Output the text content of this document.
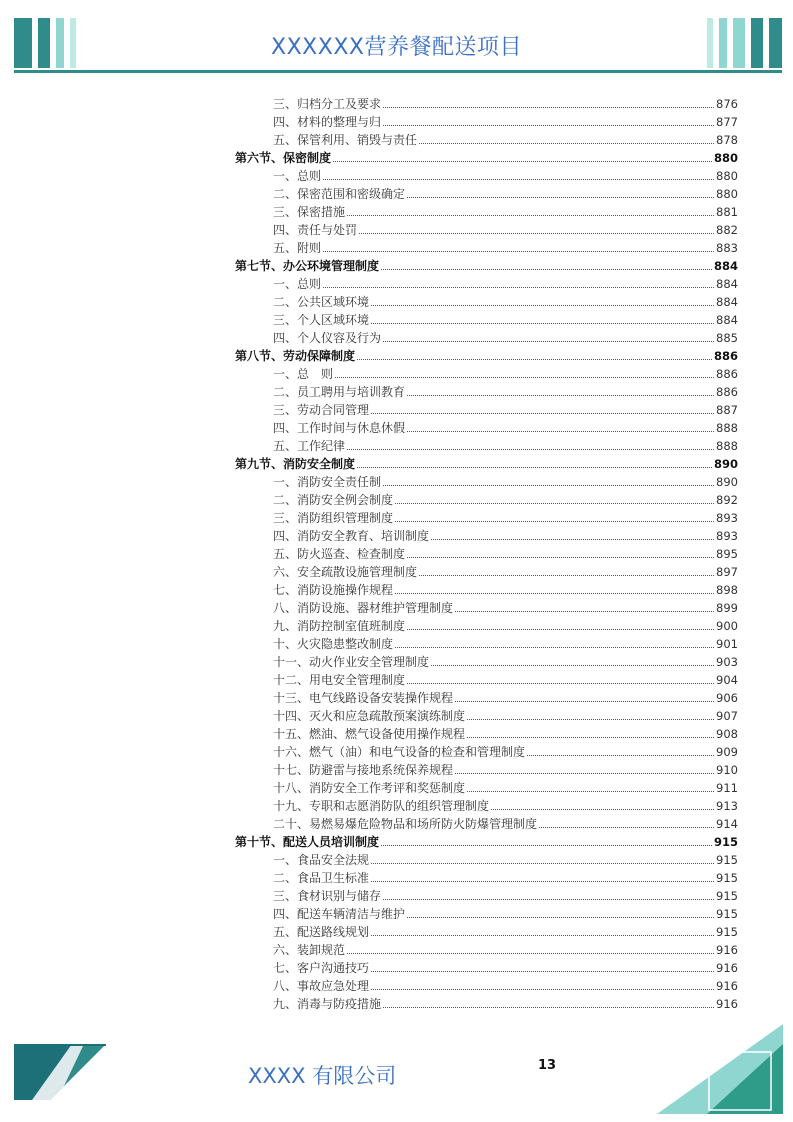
XXXXXX营养餐配送项目
三、归档分工及要求	876
四、材料的整理与归	877
五、保管利用、销毁与责任	878
第六节、保密制度	880
一、总则	880
二、保密范围和密级确定	880
三、保密措施	881
四、责任与处罚	882
五、附则	883
第七节、办公环境管理制度	884
一、总则	884
二、公共区域环境	884
三、个人区域环境	884
四、个人仪容及行为	885
第八节、劳动保障制度	886
一、总　则	886
二、员工聘用与培训教育	886
三、劳动合同管理	887
四、工作时间与休息休假	888
五、工作纪律	888
第九节、消防安全制度	890
一、消防安全责任制	890
二、消防安全例会制度	892
三、消防组织管理制度	893
四、消防安全教育、培训制度	893
五、防火巡查、检查制度	895
六、安全疏散设施管理制度	897
七、消防设施操作规程	898
八、消防设施、器材维护管理制度	899
九、消防控制室值班制度	900
十、火灾隐患整改制度	901
十一、动火作业安全管理制度	903
十二、用电安全管理制度	904
十三、电气线路设备安装操作规程	906
十四、灭火和应急疏散预案演练制度	907
十五、燃油、燃气设备使用操作规程	908
十六、燃气（油）和电气设备的检查和管理制度	909
十七、防避雷与接地系统保养规程	910
十八、消防安全工作考评和奖惩制度	911
十九、专职和志愿消防队的组织管理制度	913
二十、易燃易爆危险物品和场所防火防爆管理制度	914
第十节、配送人员培训制度	915
一、食品安全法规	915
二、食品卫生标准	915
三、食材识别与储存	915
四、配送车辆清洁与维护	915
五、配送路线规划	915
六、装卸规范	916
七、客户沟通技巧	916
八、事故应急处理	916
九、消毒与防疫措施	916
XXXX 有限公司	13
